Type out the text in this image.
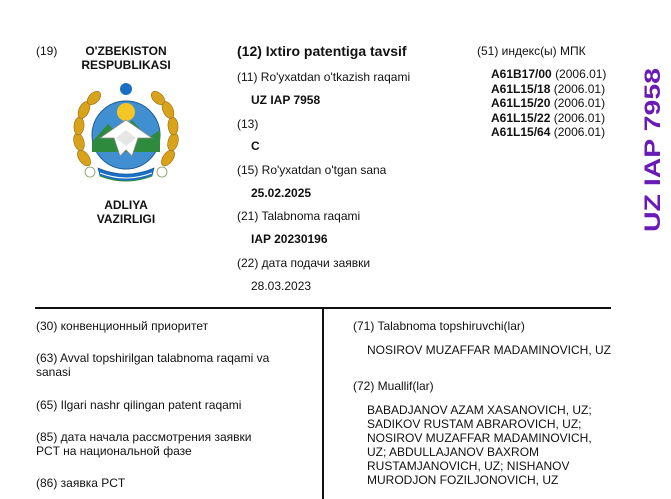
(19)	O'ZBEKISTON
RESPUBLIKASI
ADLIYA
VAZIRLIGI
(12) Ixtiro patentiga tavsif
(11) Ro'yxatdan o'tkazish raqami
UZ IAP 7958
(13)
C
(15) Ro'yxatdan o'tgan sana
25.02.2025
(21) Talabnoma raqami
IAP 20230196
(22) дата подачи заявки
28.03.2023
(51) индекс(ы) МПК
A61B17/00 (2006.01)
A61L15/18 (2006.01)
A61L15/20 (2006.01)
A61L15/22 (2006.01)
A61L15/64 (2006.01) UZ IAP 7958
(30) конвенционный приоритет
(63) Avval topshirilgan talabnoma raqami va sanasi
(65) Ilgari nashr qilingan patent raqami
(85) дата начала рассмотрения заявки PCT на национальной фазе
(86) заявка PCT
(71) Talabnoma topshiruvchi(lar)
NOSIROV MUZAFFAR MADAMINOVICH, UZ
(72) Muallif(lar)
BABADJANOV AZAM XASANOVICH, UZ; SADIKOV RUSTAM ABRAROVICH, UZ; NOSIROV MUZAFFAR MADAMINOVICH, UZ; ABDULLAJANOV BAXROM RUSTAMJANOVICH, UZ; NISHANOV MURODJON FOZILJONOVICH, UZ
